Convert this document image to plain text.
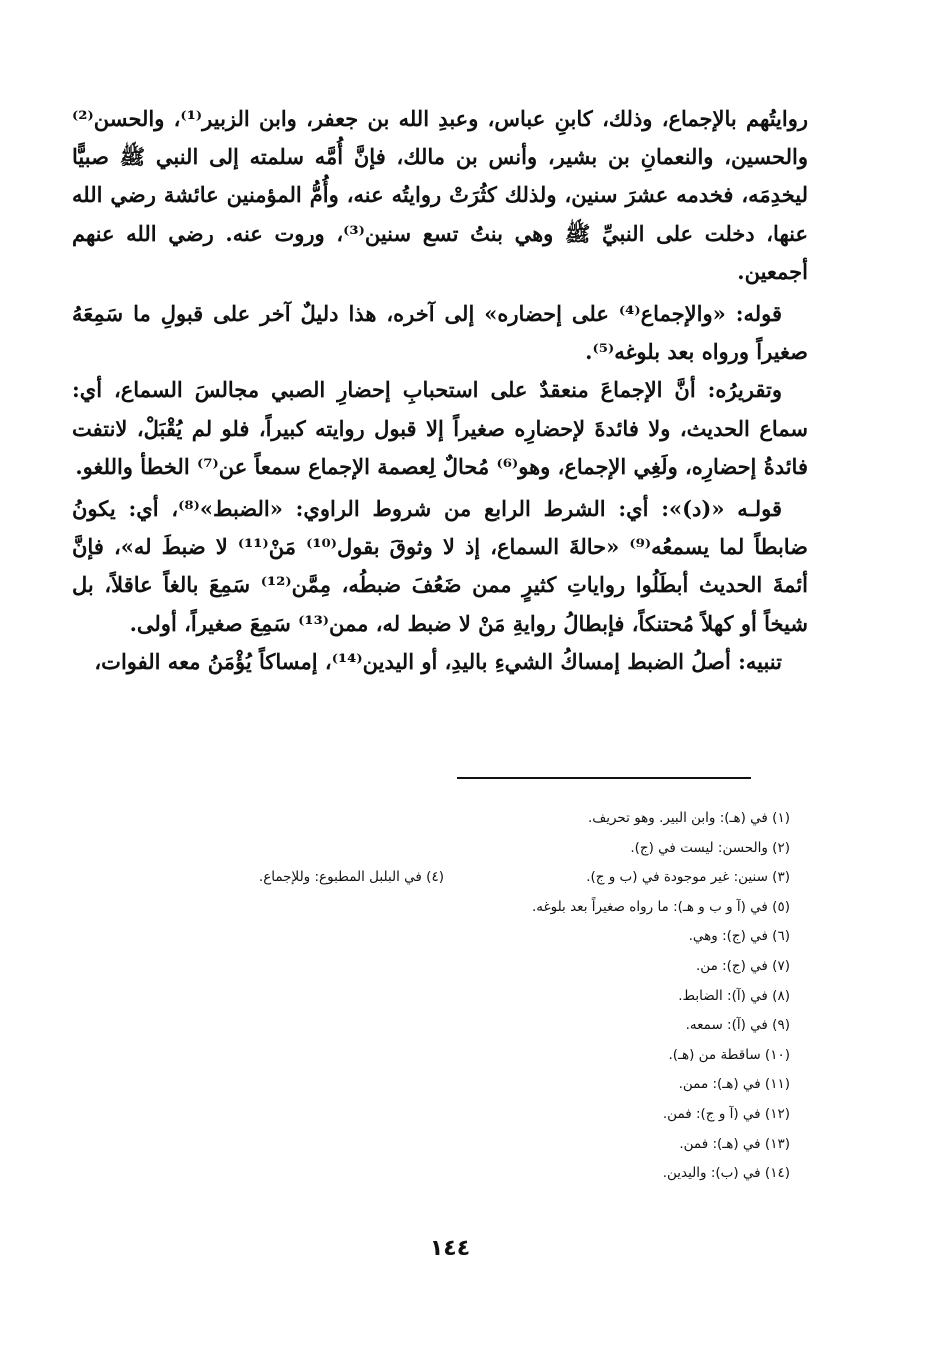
روايتُهم بالإجماع، وذلك، كابنِ عباس، وعبدِ الله بن جعفر، وابن الزبير⁽¹⁾، والحسن⁽²⁾ والحسين، والنعمانِ بن بشير، وأنس بن مالك، فإنَّ أُمَّه سلمته إلى النبي ﷺ صبيًّا ليخدِمَه، فخدمه عشرَ سنين، ولذلك كثُرَتْ روايتُه عنه، وأُمُّ المؤمنين عائشة رضي الله عنها، دخلت على النبيِّ ﷺ وهي بنتُ تسع سنين⁽³⁾، وروت عنه. رضي الله عنهم أجمعين.

قوله: «والإجماع⁽⁴⁾ على إحضاره» إلى آخره، هذا دليلٌ آخر على قبولِ ما سَمِعَهُ صغيراً ورواه بعد بلوغه⁽⁵⁾.

وتقريرُه: أنَّ الإجماعَ منعقدٌ على استحبابِ إحضارِ الصبي مجالسَ السماع، أي: سماع الحديث، ولا فائدةَ لإحضارِه صغيراً إلا قبول روايته كبيراً، فلو لم يُقْبَلْ، لانتفت فائدةُ إحضارِه، ولَغِي الإجماع، وهو⁽⁶⁾ مُحالٌ لِعصمة الإجماع سمعاً عن⁽⁷⁾ الخطأ واللغو.

قولـه «(د)»: أي: الشرط الرابع من شروط الراوي: «الضبط»⁽⁸⁾، أي: يكونُ ضابطاً لما يسمعُه⁽⁹⁾ «حالةَ السماع، إذ لا وثوقَ بقول⁽¹⁰⁾ مَنْ⁽¹¹⁾ لا ضبطَ له»، فإنَّ أئمةَ الحديث أبطَلُوا رواياتِ كثيرٍ ممن ضَعُفَ ضبطُه، مِمَّن⁽¹²⁾ سَمِعَ بالغاً عاقلاً، بل شيخاً أو كهلاً مُحتنكاً، فإبطالُ روايةِ مَنْ لا ضبط له، ممن⁽¹³⁾ سَمِعَ صغيراً، أولى.

تنبيه: أصلُ الضبط إمساكُ الشيءِ باليدِ، أو اليدين⁽¹⁴⁾، إمساكاً يُؤْمَنُ معه الفوات،

(١) في (هـ): وابن البير. وهو تحريف.
(٢) والحسن: ليست في (ج).
(٣) سنين: غير موجودة في (ب و ج).
(٤) في البلبل المطبوع: وللإجماع.
(٥) في (آ و ب و هـ): ما رواه صغيراً بعد بلوغه.
(٦) في (ج): وهي.
(٧) في (ج): من.
(٨) في (آ): الضابط.
(٩) في (آ): سمعه.
(١٠) ساقطة من (هـ).
(١١) في (هـ): ممن.
(١٢) في (آ و ج): فمن.
(١٣) في (هـ): فمن.
(١٤) في (ب): واليدين.
١٤٤
